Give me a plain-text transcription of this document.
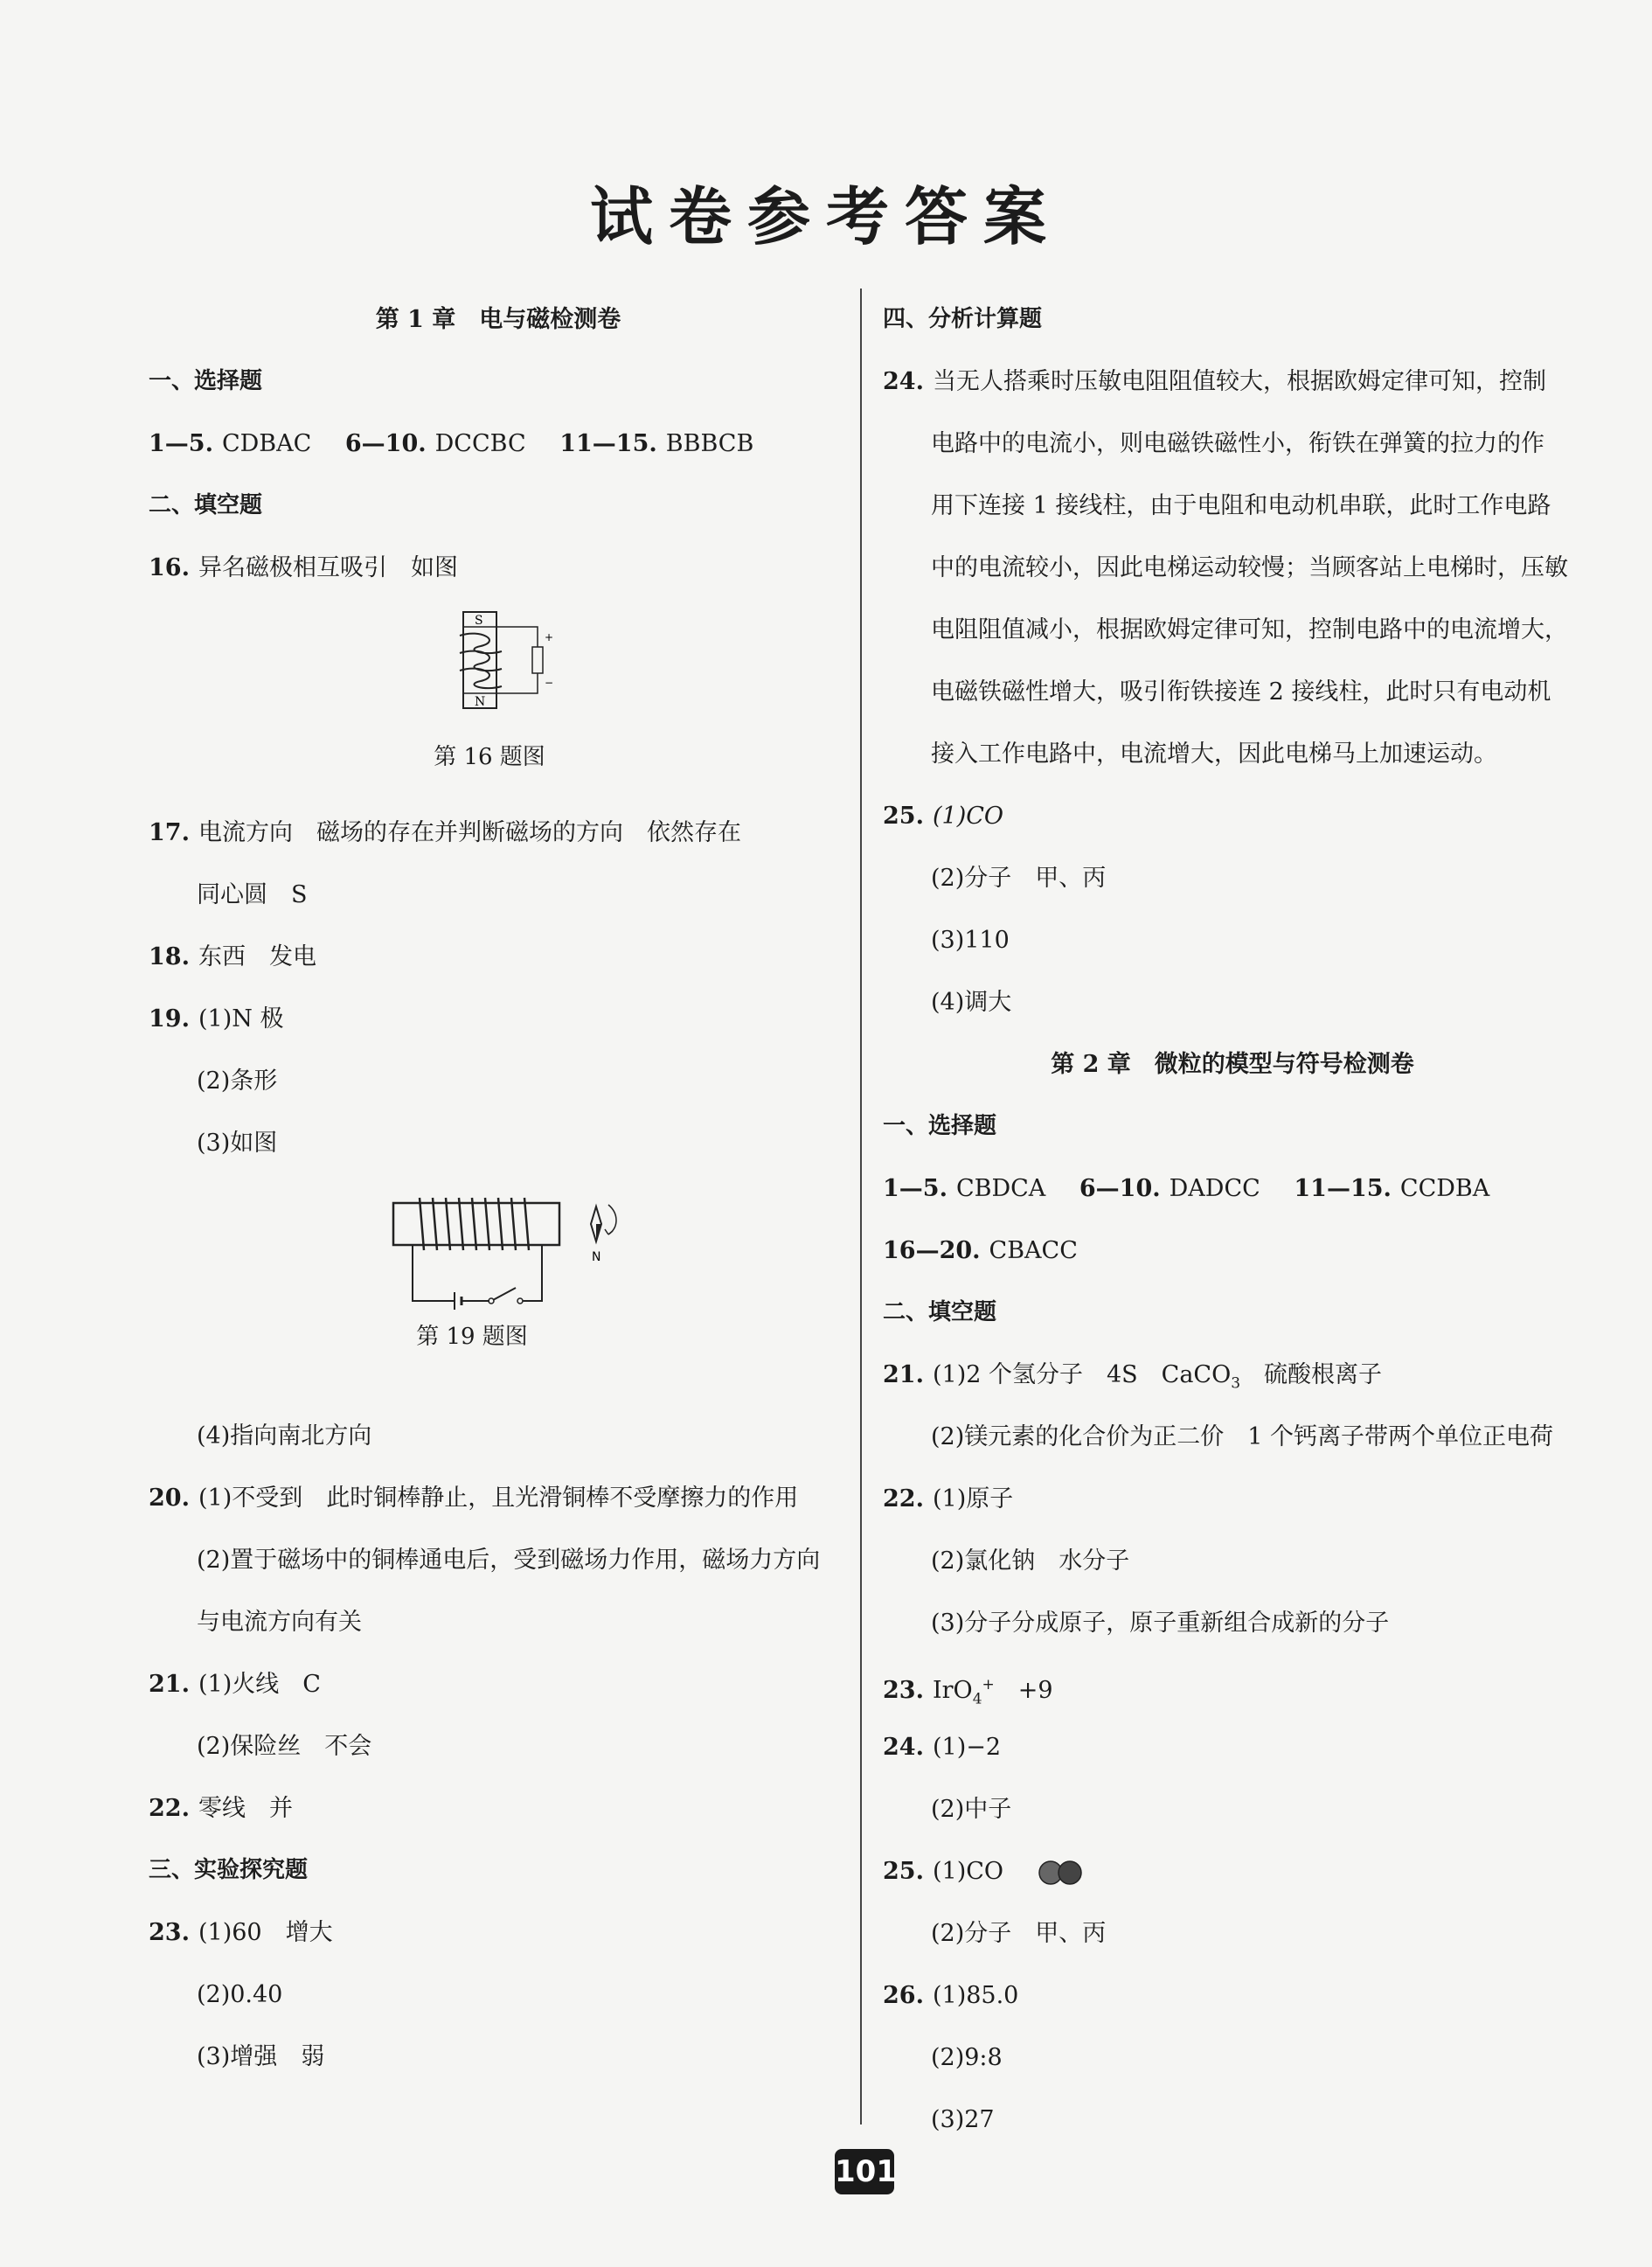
试卷参考答案
第 1 章　电与磁检测卷
一、选择题
1—5. CDBAC 6—10. DCCBC 11—15. BBBCB
二、填空题
16. 异名磁极相互吸引　如图
S
N
+
−
第 16 题图
17. 电流方向　磁场的存在并判断磁场的方向　依然存在
同心圆　S
18. 东西　发电
19. (1)N 极
(2)条形
(3)如图
N
第 19 题图
(4)指向南北方向
20. (1)不受到　此时铜棒静止，且光滑铜棒不受摩擦力的作用
(2)置于磁场中的铜棒通电后，受到磁场力作用，磁场力方向
与电流方向有关
21. (1)火线　C
(2)保险丝　不会
22. 零线　并
三、实验探究题
23. (1)60　增大
(2)0.40
(3)增强　弱
四、分析计算题
24. 当无人搭乘时压敏电阻阻值较大，根据欧姆定律可知，控制
电路中的电流小，则电磁铁磁性小，衔铁在弹簧的拉力的作
用下连接 1 接线柱，由于电阻和电动机串联，此时工作电路
中的电流较小，因此电梯运动较慢；当顾客站上电梯时，压敏
电阻阻值减小，根据欧姆定律可知，控制电路中的电流增大，
电磁铁磁性增大，吸引衔铁接连 2 接线柱，此时只有电动机
接入工作电路中，电流增大，因此电梯马上加速运动。
25. (1)CO
(2)分子　甲、丙
(3)110
(4)调大
第 2 章　微粒的模型与符号检测卷
一、选择题
1—5. CBDCA 6—10. DADCC 11—15. CCDBA
16—20. CBACC
二、填空题
21. (1)2 个氢分子　4S　CaCO$_3$　硫酸根离子
(2)镁元素的化合价为正二价　1 个钙离子带两个单位正电荷
22. (1)原子
(2)氯化钠　水分子
(3)分子分成原子，原子重新组合成新的分子
23. IrO$_4$+　+9
24. (1)−2
(2)中子
25. (1)CO
(2)分子　甲、丙
26. (1)85.0
(2)9:8
(3)27
101
